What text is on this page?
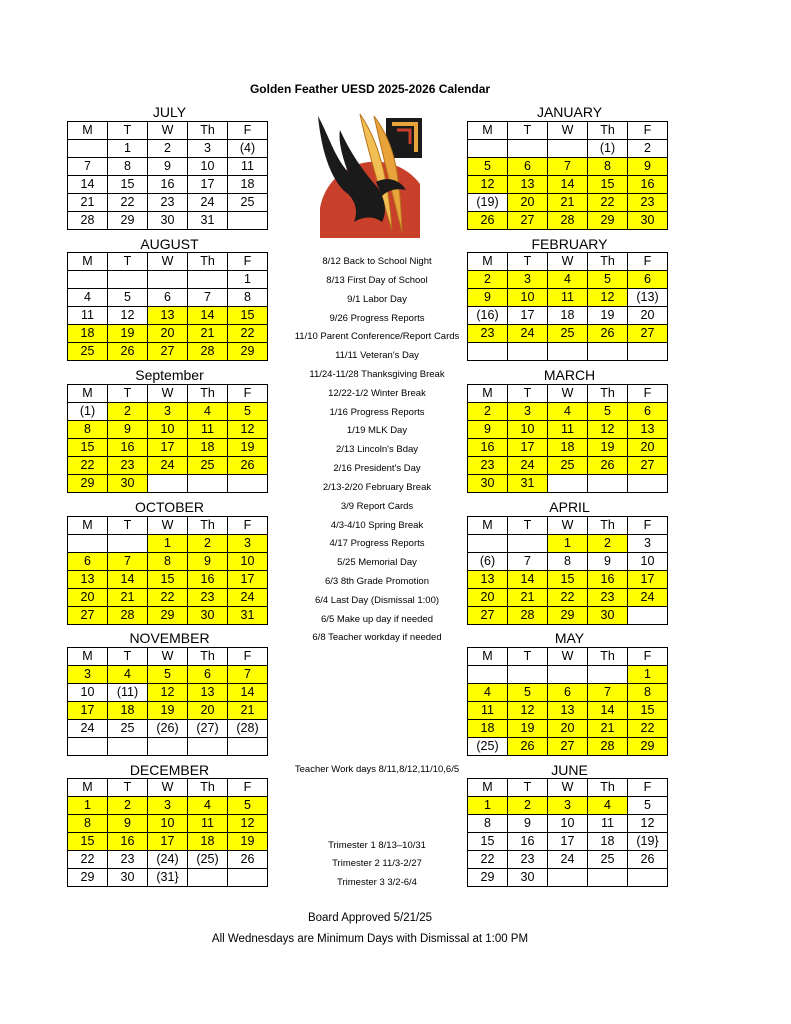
Golden Feather UESD 2025-2026 Calendar
JULY
AUGUST
September
OCTOBER
NOVEMBER
DECEMBER
JANUARY
FEBRUARY
MARCH
APRIL
MAY
JUNE
M	T	W	Th	F
	1	2	3	(4)
7	8	9	10	11
14	15	16	17	18
21	22	23	24	25
28	29	30	31	
M	T	W	Th	F
				1
4	5	6	7	8
11	12	13	14	15
18	19	20	21	22
25	26	27	28	29
M	T	W	Th	F
(1)	2	3	4	5
8	9	10	11	12
15	16	17	18	19
22	23	24	25	26
29	30			
M	T	W	Th	F
		1	2	3
6	7	8	9	10
13	14	15	16	17
20	21	22	23	24
27	28	29	30	31
M	T	W	Th	F
3	4	5	6	7
10	(11)	12	13	14
17	18	19	20	21
24	25	(26)	(27)	(28)

M	T	W	Th	F
1	2	3	4	5
8	9	10	11	12
15	16	17	18	19
22	23	(24)	(25)	26
29	30	(31}		
M	T	W	Th	F
			(1)	2
5	6	7	8	9
12	13	14	15	16
(19)	20	21	22	23
26	27	28	29	30
M	T	W	Th	F
2	3	4	5	6
9	10	11	12	(13)
(16)	17	18	19	20
23	24	25	26	27

M	T	W	Th	F
2	3	4	5	6
9	10	11	12	13
16	17	18	19	20
23	24	25	26	27
30	31			
M	T	W	Th	F
		1	2	3
(6)	7	8	9	10
13	14	15	16	17
20	21	22	23	24
27	28	29	30	
M	T	W	Th	F
				1
4	5	6	7	8
11	12	13	14	15
18	19	20	21	22
(25)	26	27	28	29
M	T	W	Th	F
1	2	3	4	5
8	9	10	11	12
15	16	17	18	(19}
22	23	24	25	26
29	30			
8/12 Back to School Night
8/13 First Day of School
9/1 Labor Day
9/26 Progress Reports
11/10 Parent Conference/Report Cards
11/11 Veteran's Day
11/24-11/28 Thanksgiving Break
12/22-1/2 Winter Break
1/16 Progress Reports
1/19 MLK Day
2/13 Lincoln's Bday
2/16 President's Day
2/13-2/20 February Break
3/9 Report Cards
4/3-4/10 Spring Break
4/17 Progress Reports
5/25 Memorial Day
6/3 8th Grade Promotion
6/4 Last Day (Dismissal 1:00)
6/5 Make up day if needed
6/8 Teacher workday if needed
Teacher Work days 8/11,8/12,11/10,6/5
Trimester 1 8/13–10/31
Trimester 2 11/3-2/27
Trimester 3 3/2-6/4
Board Approved 5/21/25
All Wednesdays are Minimum Days with Dismissal at 1:00 PM
